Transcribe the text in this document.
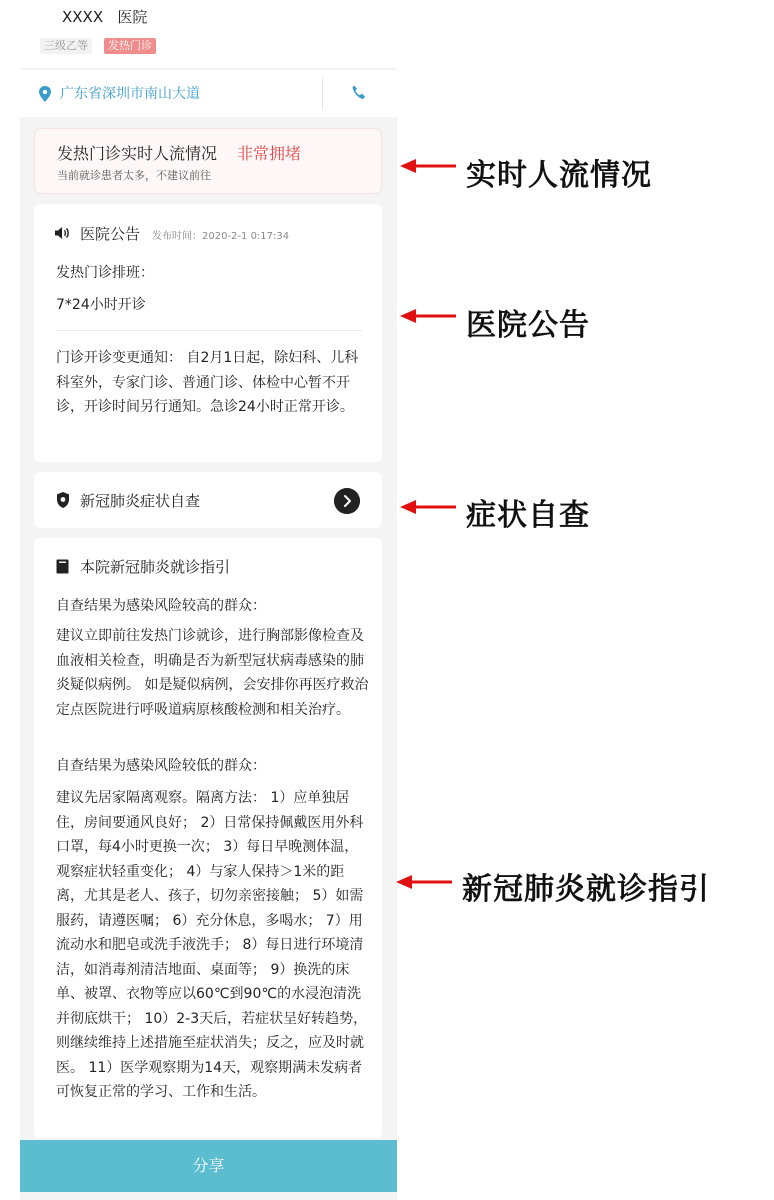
XXXX   医院
三级乙等	发热门诊
广东省深圳市南山大道
发热门诊实时人流情况 非常拥堵
当前就诊患者太多，不建议前往
医院公告 发布时间：2020-2-1 0:17:34
发热门诊排班：
7*24小时开诊
门诊开诊变更通知： 自2月1日起，除妇科、儿科科室外，专家门诊、普通门诊、体检中心暂不开诊，开诊时间另行通知。急诊24小时正常开诊。
新冠肺炎症状自查
本院新冠肺炎就诊指引
自查结果为感染风险较高的群众：
建议立即前往发热门诊就诊，进行胸部影像检查及血液相关检查，明确是否为新型冠状病毒感染的肺炎疑似病例。 如是疑似病例，会安排你再医疗救治定点医院进行呼吸道病原核酸检测和相关治疗。
自查结果为感染风险较低的群众：
建议先居家隔离观察。隔离方法： 1）应单独居住，房间要通风良好； 2）日常保持佩戴医用外科口罩，每4小时更换一次； 3）每日早晚测体温，观察症状轻重变化； 4）与家人保持＞1米的距离，尤其是老人、孩子，切勿亲密接触； 5）如需服药，请遵医嘱； 6）充分休息，多喝水； 7）用流动水和肥皂或洗手液洗手； 8）每日进行环境清洁，如消毒剂清洁地面、桌面等； 9）换洗的床单、被罩、衣物等应以60℃到90℃的水浸泡清洗并彻底烘干； 10）2-3天后，若症状呈好转趋势，则继续维持上述措施至症状消失；反之，应及时就医。 11）医学观察期为14天，观察期满未发病者可恢复正常的学习、工作和生活。
分享
实时人流情况
医院公告
症状自查
新冠肺炎就诊指引
